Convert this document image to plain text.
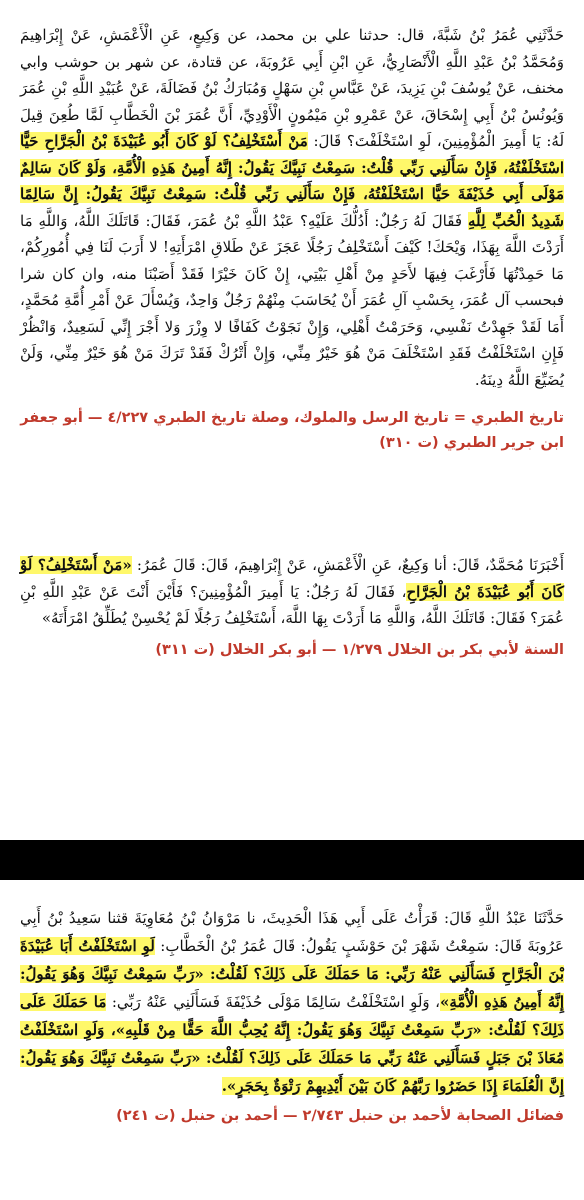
حَدَّثَنِي عُمَرُ بْنُ شَبَّةَ، قال: حدثنا علي بن محمد، عن وَكِيعٍ، عَنِ الْأَعْمَشِ، عَنْ إِبْرَاهِيمَ وَمُحَمَّدُ بْنُ عَبْدِ اللَّهِ الْأَنْصَارِيُّ، عَنِ ابْنِ أَبِي عَرُوبَةَ، عن قتادة، عن شهر بن حوشب وابي مخنف، عَنْ يُوسُفَ بْنِ يَزِيدَ، عَنْ عَبَّاسِ بْنِ سَهْلٍ وَمُبَارَكُ بْنُ فَضَالَةَ، عَنْ عُبَيْدِ اللَّهِ بْنِ عُمَرَ وَيُونُسُ بْنُ أَبِي إِسْحَاقَ، عَنْ عَمْرِو بْنِ مَيْمُونٍ الْأَوْدِيِّ، أَنَّ عُمَرَ بْنَ الْخَطَّابِ لَمَّا طُعِنَ قِيلَ لَهُ: يَا أَمِيرَ الْمُؤْمِنِينَ، لَوِ اسْتَخْلَفْتَ؟ قَالَ: مَنْ أَسْتَخْلِفُ؟ لَوْ كَانَ أَبُو عُبَيْدَةَ بْنُ الْجَرَّاحِ حَيًّا اسْتَخْلَفْتُهُ، فَإِنْ سَأَلَنِي رَبِّي قُلْتُ: سَمِعْتُ نَبِيَّكَ يَقُولُ: إِنَّهُ أَمِينُ هَذِهِ الْأُمَّةِ، وَلَوْ كَانَ سَالِمٌ مَوْلَى أَبِي حُذَيْفَةَ حَيًّا اسْتَخْلَفْتُهُ، فَإِنْ سَأَلَنِي رَبِّي قُلْتُ: سَمِعْتُ نَبِيَّكَ يَقُولُ: إِنَّ سَالِمًا شَدِيدُ الْحُبِّ لِلَّهِ فَقَالَ لَهُ رَجُلٌ: أَدُلُّكَ عَلَيْهِ؟ عَبْدُ اللَّهِ بْنُ عُمَرَ، فَقَالَ: قَاتَلَكَ اللَّهُ، وَاللَّهِ مَا أَرَدْتَ اللَّهَ بِهَذَا، وَيْحَكَ! كَيْفَ أَسْتَخْلِفُ رَجُلًا عَجَزَ عَنْ طَلاقِ امْرَأَتِهِ! لا أَرَبَ لَنَا فِي أُمُورِكُمْ، مَا حَمِدْتُهَا فَأَرْغَبَ فِيهَا لأَحَدٍ مِنْ أَهْلِ بَيْتِي، إِنْ كَانَ خَيْرًا فَقَدْ أَصَبْنَا منه، وان كان شرا فبحسب آل عُمَرَ، بِحَسْبِ آلِ عُمَرَ أَنْ يُحَاسَبَ مِنْهُمْ رَجُلٌ وَاحِدٌ، وَيُسْأَلَ عَنْ أَمْرِ أُمَّةِ مُحَمَّدٍ، أَمَا لَقَدْ جَهِدْتُ نَفْسِي، وَحَرَمْتُ أَهْلِي، وَإِنْ نَجَوْتُ كَفَافًا لا وِزْرَ وَلا أَجْرَ إِنِّي لَسَعِيدٌ، وَانْظُرْ فَإِنِ اسْتَخْلَفْتُ فَقَدِ اسْتَخْلَفَ مَنْ هُوَ خَيْرٌ مِنِّي، وَإِنْ أَتْرُكْ فَقَدْ تَرَكَ مَنْ هُوَ خَيْرٌ مِنِّي، وَلَنْ يُضَيِّعَ اللَّهُ دِينَهُ.
تاريخ الطبري = تاريخ الرسل والملوك، وصلة تاريخ الطبري ٤/٢٢٧ — أبو جعفر ابن جرير الطبري (ت ٣١٠)
أَخْبَرَنَا مُحَمَّدٌ، قَالَ: أنا وَكِيعٌ، عَنِ الْأَعْمَشِ، عَنْ إِبْرَاهِيمَ، قَالَ: قَالَ عُمَرُ: «مَنْ أَسْتَخْلِفُ؟ لَوْ كَانَ أَبُو عُبَيْدَةَ بْنُ الْجَرَّاحِ، فَقَالَ لَهُ رَجُلٌ: يَا أَمِيرَ الْمُؤْمِنِينَ؟ فَأَيْنَ أَنْتَ عَنْ عَبْدِ اللَّهِ بْنِ عُمَرَ؟ فَقَالَ: قَاتَلَكَ اللَّهُ، وَاللَّهِ مَا أَرَدْتَ بِهَا اللَّهَ، أَسْتَخْلِفُ رَجُلًا لَمْ يُحْسِنْ يُطَلِّقُ امْرَأَتَهُ»
السنة لأبي بكر بن الخلال ١/٢٧٩ — أبو بكر الخلال (ت ٣١١)
حَدَّثَنَا عَبْدُ اللَّهِ قَالَ: قَرَأْتُ عَلَى أَبِي هَذَا الْحَدِيثَ، نا مَرْوَانُ بْنُ مُعَاوِيَةَ قثنا سَعِيدُ بْنُ أَبِي عَرُوبَةَ قَالَ: سَمِعْتُ شَهْرَ بْنَ حَوْشَبٍ يَقُولُ: قَالَ عُمَرُ بْنُ الْخَطَّابِ: لَوِ اسْتَخْلَفْتُ أَبَا عُبَيْدَةَ بْنَ الْجَرَّاحِ فَسَأَلَنِي عَنْهُ رَبِّي: مَا حَمَلَكَ عَلَى ذَلِكَ؟ لَقُلْتُ: «رَبِّ سَمِعْتُ نَبِيَّكَ وَهُوَ يَقُولُ: إِنَّهُ أَمِينُ هَذِهِ الْأُمَّةِ»، وَلَوِ اسْتَخْلَفْتُ سَالِمًا مَوْلَى حُذَيْفَةَ فَسَأَلَنِي عَنْهُ رَبِّي: مَا حَمَلَكَ عَلَى ذَلِكَ؟ لَقُلْتُ: «رَبِّ سَمِعْتُ نَبِيَّكَ وَهُوَ يَقُولُ: إِنَّهُ يُحِبُّ اللَّهَ حَقًّا مِنْ قَلْبِهِ»، وَلَوِ اسْتَخْلَفْتُ مُعَاذَ بْنَ جَبَلٍ فَسَأَلَنِي عَنْهُ رَبِّي مَا حَمَلَكَ عَلَى ذَلِكَ؟ لَقُلْتُ: «رَبِّ سَمِعْتُ نَبِيَّكَ وَهُوَ يَقُولُ: إِنَّ الْعُلَمَاءَ إِذَا حَضَرُوا رَبَّهُمْ كَانَ بَيْنَ أَيْدِيهِمْ رَتْوَةٌ بِحَجَرٍ».
فضائل الصحابة لأحمد بن حنبل ٢/٧٤٣ — أحمد بن حنبل (ت ٢٤١)
